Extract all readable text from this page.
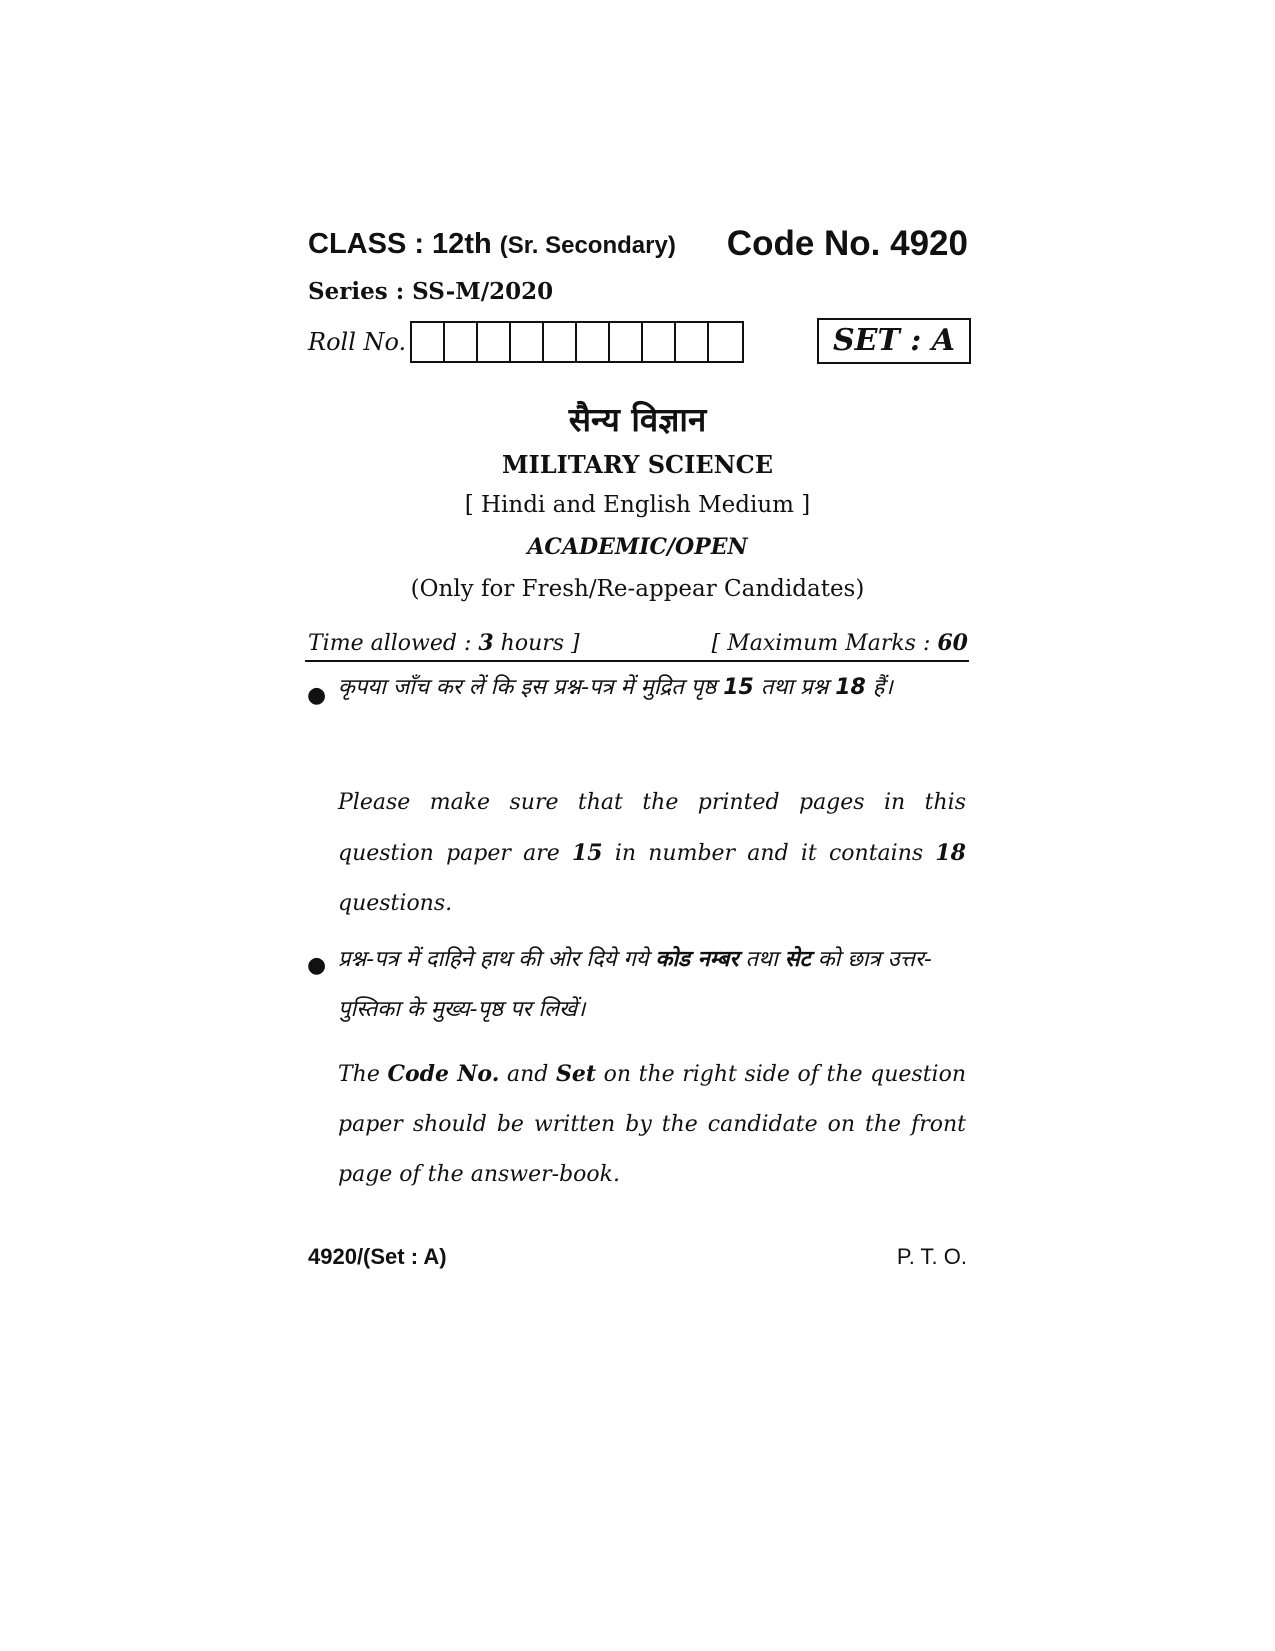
CLASS : 12th (Sr. Secondary) Code No. 4920
Series : SS-M/2020
Roll No.	SET : A
सैन्य विज्ञान
MILITARY SCIENCE
[ Hindi and English Medium ]
ACADEMIC/OPEN
(Only for Fresh/Re-appear Candidates)
Time allowed : 3 hours ]	[ Maximum Marks : 60
● कृपया जाँच कर लें कि इस प्रश्न-पत्र में मुद्रित पृष्ठ 15 तथा प्रश्न 18 हैं।
Please make sure that the printed pages in this question paper are 15 in number and it contains 18 questions.
● प्रश्न-पत्र में दाहिने हाथ की ओर दिये गये कोड नम्बर तथा सेट को छात्र उत्तर-पुस्तिका के मुख्य-पृष्ठ पर लिखें।
The Code No. and Set on the right side of the question paper should be written by the candidate on the front page of the answer-book.
4920/(Set : A)	P. T. O.
